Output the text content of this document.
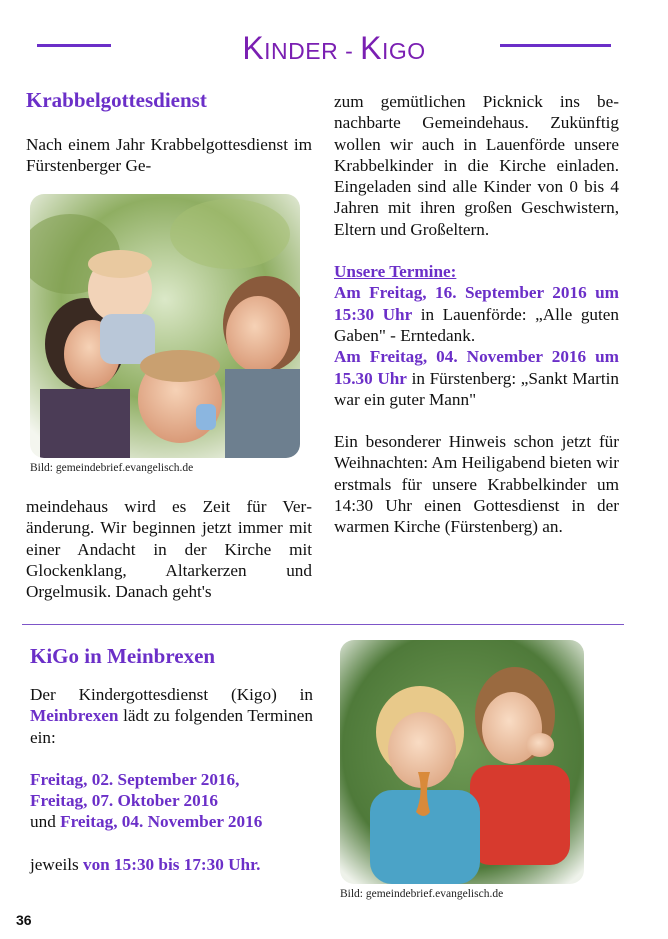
KINDER - KIGO
Krabbelgottesdienst

Nach einem Jahr Krabbelgottesdienst im Fürstenberger Ge-

Bild: gemeindebrief.evangelisch.de

meindehaus wird es Zeit für Veränderung. Wir beginnen jetzt immer mit einer Andacht in der Kirche mit Glockenklang, Altarkerzen und Orgelmusik. Danach geht's

zum gemütlichen Picknick ins benachbarte Gemeindehaus. Zukünftig wollen wir auch in Lauenförde unsere Krabbelkinder in die Kirche einladen. Eingeladen sind alle Kinder von 0 bis 4 Jahren mit ihren großen Geschwistern, Eltern und Großeltern.

Unsere Termine:

Am Freitag, 16. September 2016 um 15:30 Uhr in Lauenförde: „Alle guten Gaben" - Erntedank.

Am Freitag, 04. November 2016 um 15.30 Uhr in Fürstenberg: „Sankt Martin war ein guter Mann"

Ein besonderer Hinweis schon jetzt für Weihnachten: Am Heiligabend bieten wir erstmals für unsere Krabbelkinder um 14:30 Uhr einen Gottesdienst in der warmen Kirche (Fürstenberg) an.

KiGo in Meinbrexen

Der Kindergottesdienst (Kigo) in Meinbrexen lädt zu folgenden Terminen ein:

Freitag, 02. September 2016,

Freitag, 07. Oktober 2016

und Freitag, 04. November 2016

jeweils von 15:30 bis 17:30 Uhr.

Bild: gemeindebrief.evangelisch.de
36
